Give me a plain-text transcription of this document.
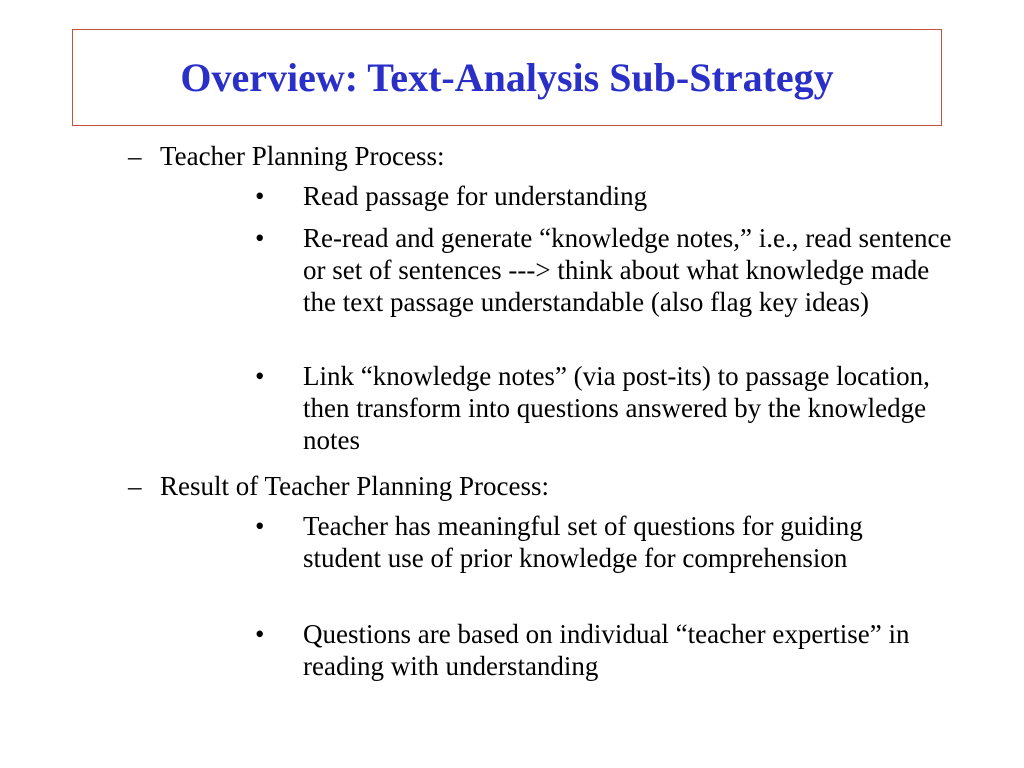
Overview: Text-Analysis Sub-Strategy
– Teacher Planning Process:
• Read passage for understanding
• Re-read and generate “knowledge notes,” i.e., read sentence or set of sentences ---> think about what knowledge made the text passage understandable (also flag key ideas)
• Link “knowledge notes” (via post-its) to passage location, then transform into questions answered by the knowledge notes
– Result of Teacher Planning Process:
• Teacher has meaningful set of questions for guiding student use of prior knowledge for comprehension
• Questions are based on individual “teacher expertise” in reading with understanding
